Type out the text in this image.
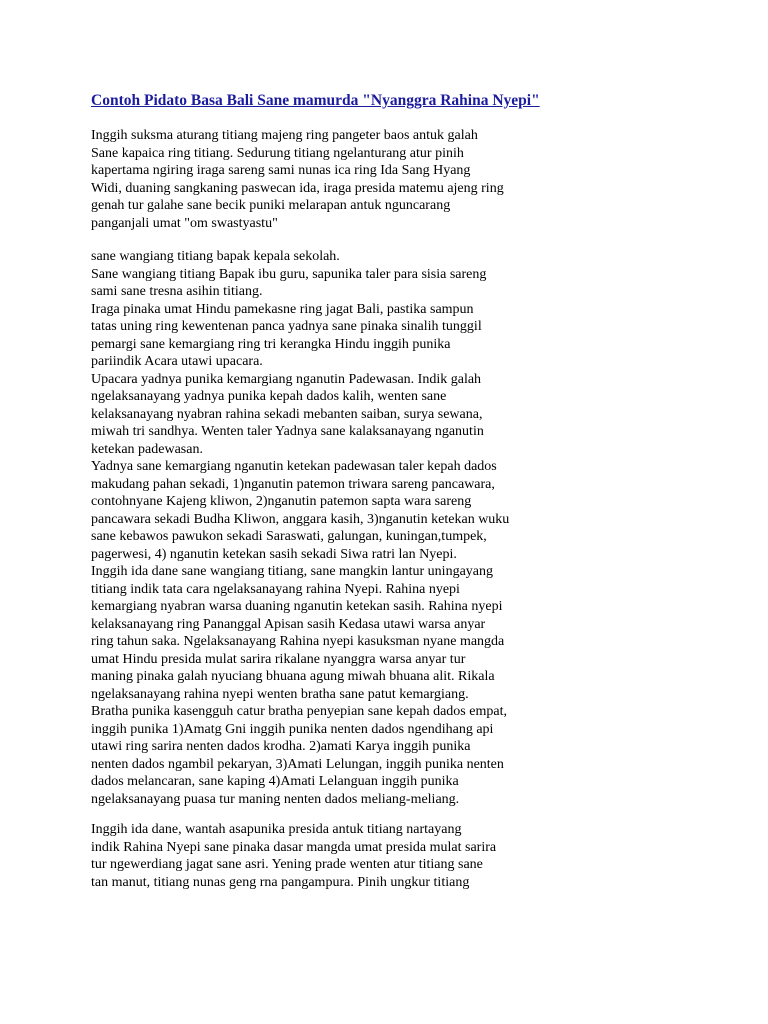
Contoh Pidato Basa Bali Sane mamurda "Nyanggra Rahina Nyepi"
Inggih suksma aturang titiang majeng ring pangeter baos antuk galah
Sane kapaica ring titiang. Sedurung titiang ngelanturang atur pinih
kapertama ngiring iraga sareng sami nunas ica ring Ida Sang Hyang
Widi, duaning sangkaning paswecan ida, iraga presida matemu ajeng ring
genah tur galahe sane becik puniki melarapan antuk nguncarang
panganjali umat "om swastyastu"
sane wangiang titiang bapak kepala sekolah.
Sane wangiang titiang Bapak ibu guru, sapunika taler para sisia sareng
sami sane tresna asihin titiang.
Iraga pinaka umat Hindu pamekasne ring jagat Bali, pastika sampun
tatas uning ring kewentenan panca yadnya sane pinaka sinalih tunggil
pemargi sane kemargiang ring tri kerangka Hindu inggih punika
pariindik Acara utawi upacara.
Upacara yadnya punika kemargiang nganutin Padewasan. Indik galah
ngelaksanayang yadnya punika kepah dados kalih, wenten sane
kelaksanayang nyabran rahina sekadi mebanten saiban, surya sewana,
miwah tri sandhya. Wenten taler Yadnya sane kalaksanayang nganutin
ketekan padewasan.
Yadnya sane kemargiang nganutin ketekan padewasan taler kepah dados
makudang pahan sekadi, 1)nganutin patemon triwara sareng pancawara,
contohnyane Kajeng kliwon, 2)nganutin patemon sapta wara sareng
pancawara sekadi Budha Kliwon, anggara kasih, 3)nganutin ketekan wuku
sane kebawos pawukon sekadi Saraswati, galungan, kuningan,tumpek,
pagerwesi, 4) nganutin ketekan sasih sekadi Siwa ratri lan Nyepi.
Inggih ida dane sane wangiang titiang, sane mangkin lantur uningayang
titiang indik tata cara ngelaksanayang rahina Nyepi. Rahina nyepi
kemargiang nyabran warsa duaning nganutin ketekan sasih. Rahina nyepi
kelaksanayang ring Pananggal Apisan sasih Kedasa utawi warsa anyar
ring tahun saka. Ngelaksanayang Rahina nyepi kasuksman nyane mangda
umat Hindu presida mulat sarira rikalane nyanggra warsa anyar tur
maning pinaka galah nyuciang bhuana agung miwah bhuana alit. Rikala
ngelaksanayang rahina nyepi wenten bratha sane patut kemargiang.
Bratha punika kasengguh catur bratha penyepian sane kepah dados empat,
inggih punika 1)Amatg Gni inggih punika nenten dados ngendihang api
utawi ring sarira nenten dados krodha. 2)amati Karya inggih punika
nenten dados ngambil pekaryan, 3)Amati Lelungan, inggih punika nenten
dados melancaran, sane kaping 4)Amati Lelanguan inggih punika
ngelaksanayang puasa tur maning nenten dados meliang-meliang.
Inggih ida dane, wantah asapunika presida antuk titiang nartayang
indik Rahina Nyepi sane pinaka dasar mangda umat presida mulat sarira
tur ngewerdiang jagat sane asri. Yening prade wenten atur titiang sane
tan manut, titiang nunas geng rna pangampura. Pinih ungkur titiang
